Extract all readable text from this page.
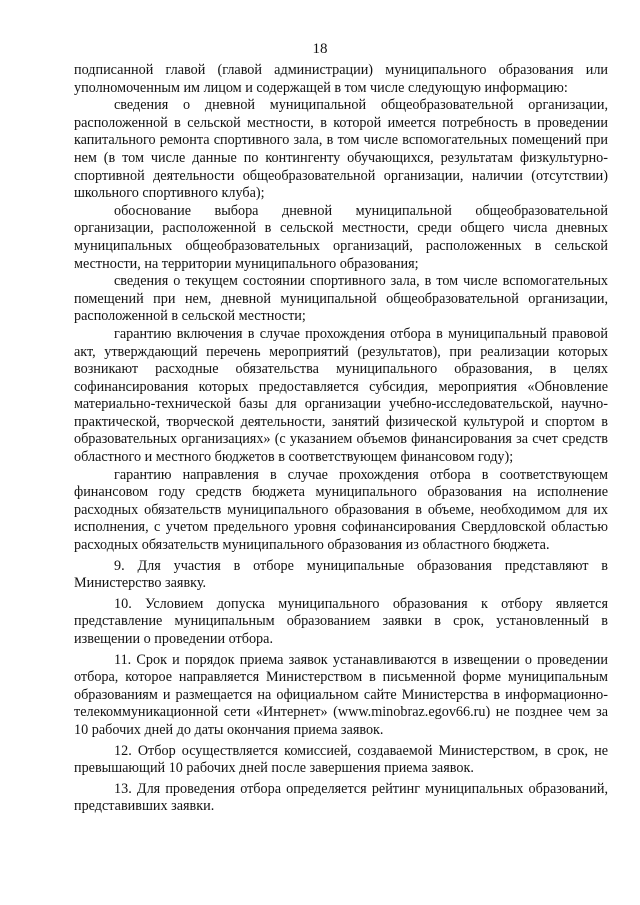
18

подписанной главой (главой администрации) муниципального образования или уполномоченным им лицом и содержащей в том числе следующую информацию:

сведения о дневной муниципальной общеобразовательной организации, расположенной в сельской местности, в которой имеется потребность в проведении капитального ремонта спортивного зала, в том числе вспомогательных помещений при нем (в том числе данные по контингенту обучающихся, результатам физкультурно-спортивной деятельности общеобразовательной организации, наличии (отсутствии) школьного спортивного клуба);

обоснование выбора дневной муниципальной общеобразовательной организации, расположенной в сельской местности, среди общего числа дневных муниципальных общеобразовательных организаций, расположенных в сельской местности, на территории муниципального образования;

сведения о текущем состоянии спортивного зала, в том числе вспомогательных помещений при нем, дневной муниципальной общеобразовательной организации, расположенной в сельской местности;

гарантию включения в случае прохождения отбора в муниципальный правовой акт, утверждающий перечень мероприятий (результатов), при реализации которых возникают расходные обязательства муниципального образования, в целях софинансирования которых предоставляется субсидия, мероприятия «Обновление материально-технической базы для организации учебно-исследовательской, научно-практической, творческой деятельности, занятий физической культурой и спортом в образовательных организациях» (с указанием объемов финансирования за счет средств областного и местного бюджетов в соответствующем финансовом году);

гарантию направления в случае прохождения отбора в соответствующем финансовом году средств бюджета муниципального образования на исполнение расходных обязательств муниципального образования в объеме, необходимом для их исполнения, с учетом предельного уровня софинансирования Свердловской областью расходных обязательств муниципального образования из областного бюджета.

9. Для участия в отборе муниципальные образования представляют в Министерство заявку.

10. Условием допуска муниципального образования к отбору является представление муниципальным образованием заявки в срок, установленный в извещении о проведении отбора.

11. Срок и порядок приема заявок устанавливаются в извещении о проведении отбора, которое направляется Министерством в письменной форме муниципальным образованиям и размещается на официальном сайте Министерства в информационно-телекоммуникационной сети «Интернет» (www.minobraz.egov66.ru) не позднее чем за 10 рабочих дней до даты окончания приема заявок.

12. Отбор осуществляется комиссией, создаваемой Министерством, в срок, не превышающий 10 рабочих дней после завершения приема заявок.

13. Для проведения отбора определяется рейтинг муниципальных образований, представивших заявки.
